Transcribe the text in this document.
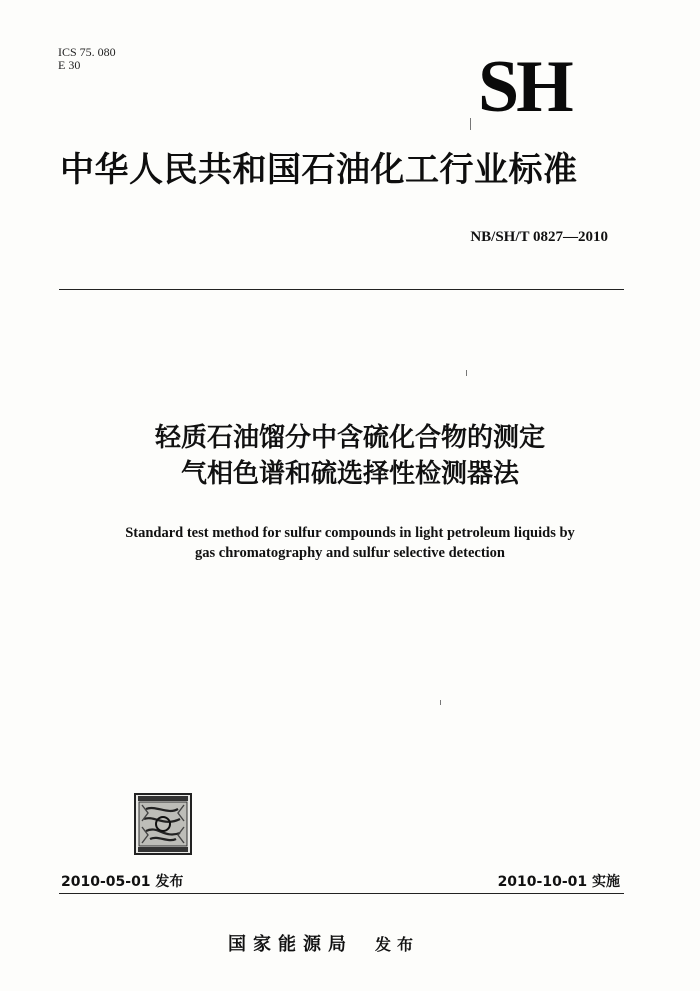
ICS 75. 080
E 30	SH
中华人民共和国石油化工行业标准
NB/SH/T 0827—2010
轻质石油馏分中含硫化合物的测定
气相色谱和硫选择性检测器法
Standard test method for sulfur compounds in light petroleum liquids by
gas chromatography and sulfur selective detection
2010-05-01 发布	2010-10-01 实施
国家能源局 发布
